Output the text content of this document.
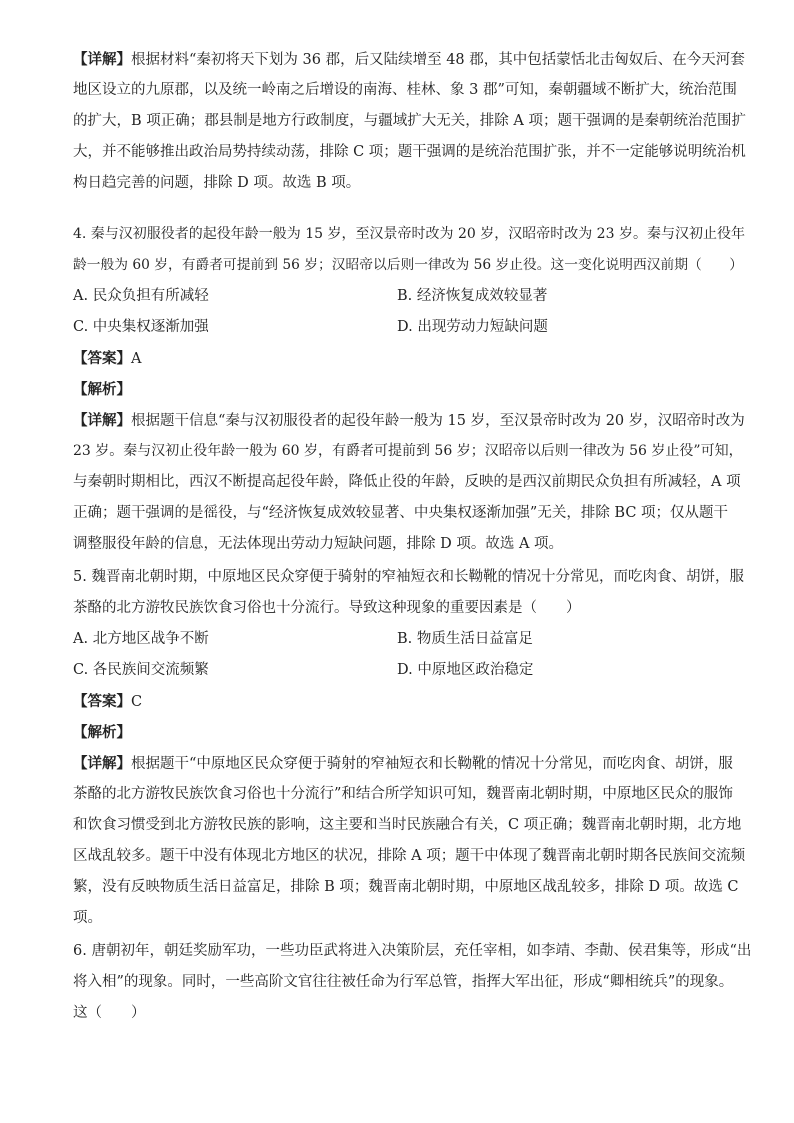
【详解】根据材料“秦初将天下划为 36 郡，后又陆续增至 48 郡，其中包括蒙恬北击匈奴后、在今天河套
地区设立的九原郡，以及统一岭南之后增设的南海、桂林、象 3 郡”可知，秦朝疆域不断扩大，统治范围
的扩大，B 项正确；郡县制是地方行政制度，与疆域扩大无关，排除 A 项；题干强调的是秦朝统治范围扩
大，并不能够推出政治局势持续动荡，排除 C 项；题干强调的是统治范围扩张，并不一定能够说明统治机
构日趋完善的问题，排除 D 项。故选 B 项。
4. 秦与汉初服役者的起役年龄一般为 15 岁，至汉景帝时改为 20 岁，汉昭帝时改为 23 岁。秦与汉初止役年
龄一般为 60 岁，有爵者可提前到 56 岁；汉昭帝以后则一律改为 56 岁止役。这一变化说明西汉前期（　　）
A. 民众负担有所减轻	B. 经济恢复成效较显著
C. 中央集权逐渐加强	D. 出现劳动力短缺问题
【答案】A
【解析】
【详解】根据题干信息“秦与汉初服役者的起役年龄一般为 15 岁，至汉景帝时改为 20 岁，汉昭帝时改为
23 岁。秦与汉初止役年龄一般为 60 岁，有爵者可提前到 56 岁；汉昭帝以后则一律改为 56 岁止役”可知，
与秦朝时期相比，西汉不断提高起役年龄，降低止役的年龄，反映的是西汉前期民众负担有所减轻，A 项
正确；题干强调的是徭役，与“经济恢复成效较显著、中央集权逐渐加强”无关，排除 BC 项；仅从题干
调整服役年龄的信息，无法体现出劳动力短缺问题，排除 D 项。故选 A 项。
5. 魏晋南北朝时期，中原地区民众穿便于骑射的窄袖短衣和长靿靴的情况十分常见，而吃肉食、胡饼，服
茶酪的北方游牧民族饮食习俗也十分流行。导致这种现象的重要因素是（　　）
A. 北方地区战争不断	B. 物质生活日益富足
C. 各民族间交流频繁	D. 中原地区政治稳定
【答案】C
【解析】
【详解】根据题干“中原地区民众穿便于骑射的窄袖短衣和长靿靴的情况十分常见，而吃肉食、胡饼，服
茶酪的北方游牧民族饮食习俗也十分流行”和结合所学知识可知，魏晋南北朝时期，中原地区民众的服饰
和饮食习惯受到北方游牧民族的影响，这主要和当时民族融合有关，C 项正确；魏晋南北朝时期，北方地
区战乱较多。题干中没有体现北方地区的状况，排除 A 项；题干中体现了魏晋南北朝时期各民族间交流频
繁，没有反映物质生活日益富足，排除 B 项；魏晋南北朝时期，中原地区战乱较多，排除 D 项。故选 C
项。
6. 唐朝初年，朝廷奖励军功，一些功臣武将进入决策阶层，充任宰相，如李靖、李勣、侯君集等，形成“出
将入相”的现象。同时，一些高阶文官往往被任命为行军总管，指挥大军出征，形成“卿相统兵”的现象。
这（　　）
